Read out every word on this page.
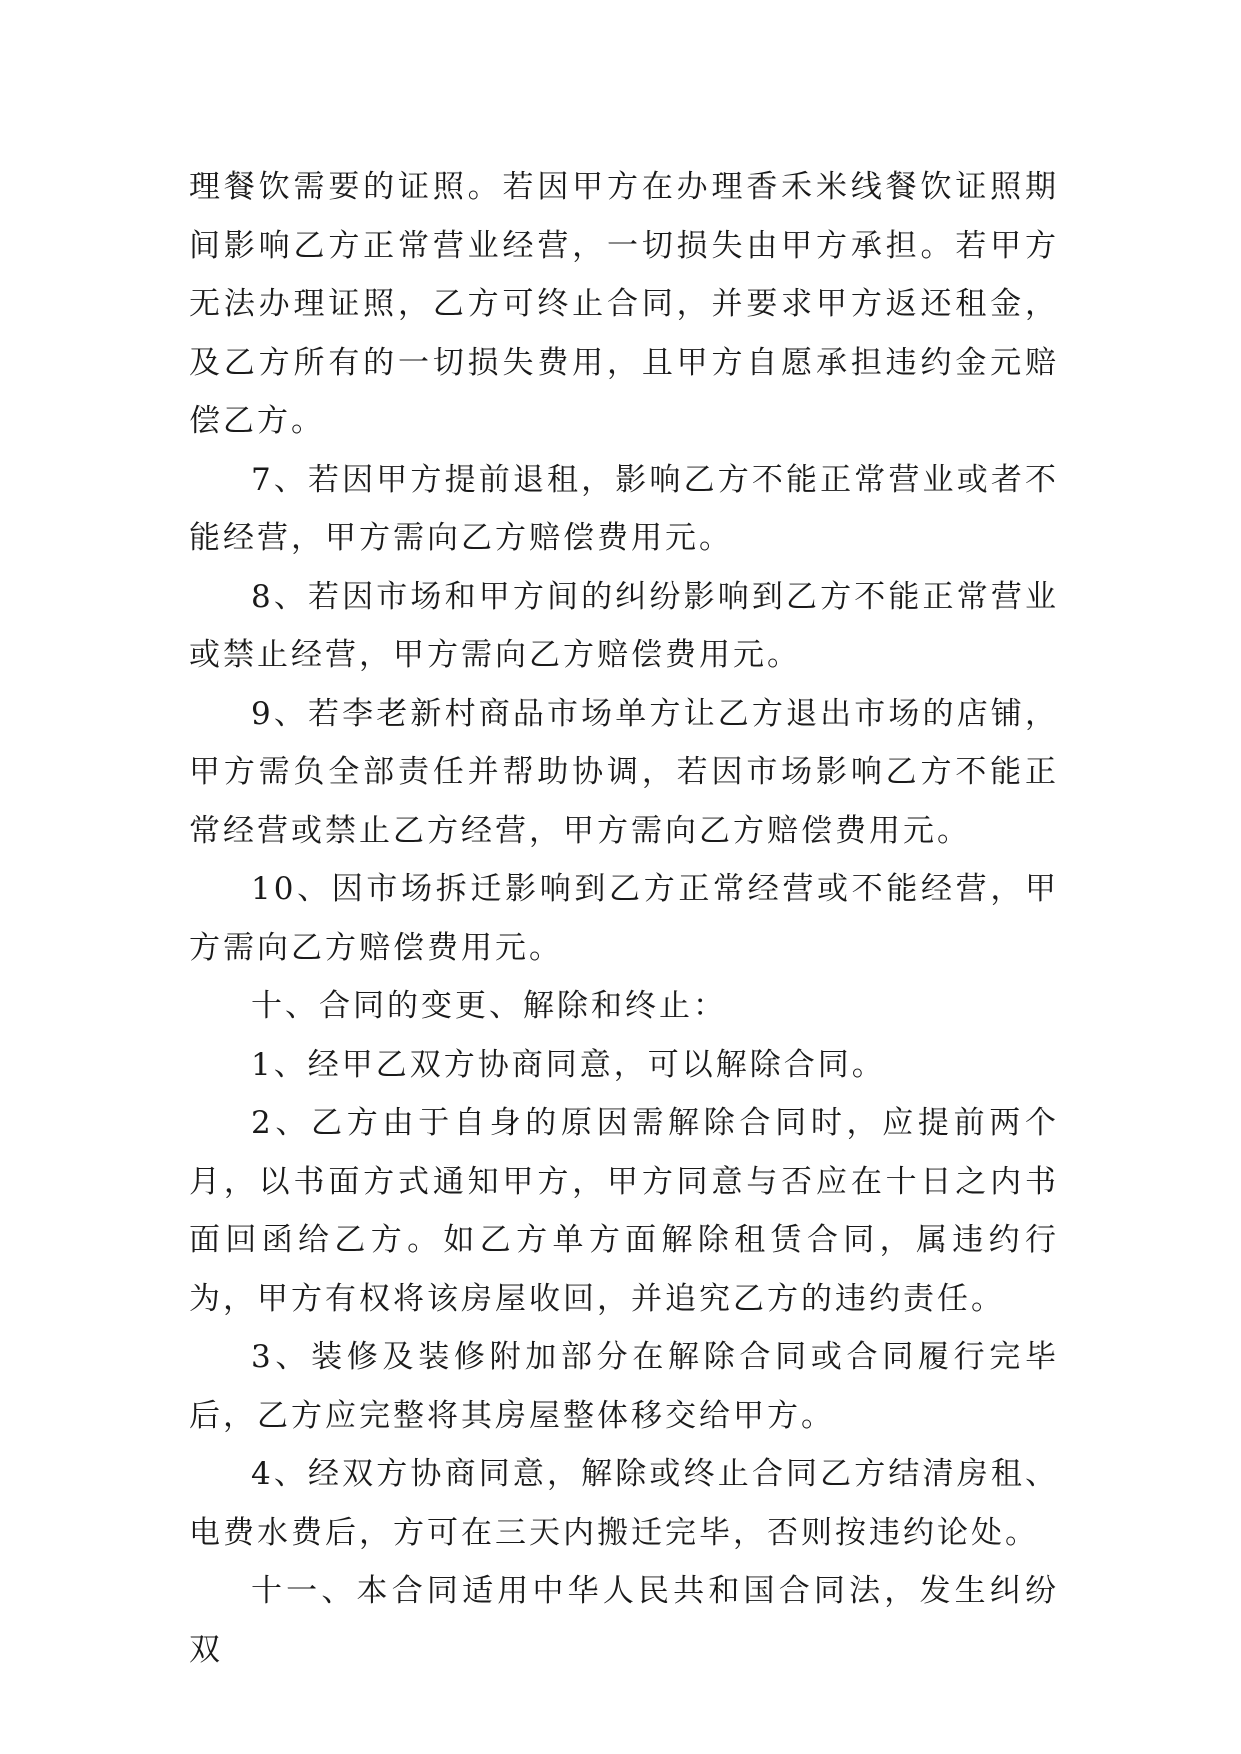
理餐饮需要的证照。若因甲方在办理香禾米线餐饮证照期间影响乙方正常营业经营，一切损失由甲方承担。若甲方无法办理证照，乙方可终止合同，并要求甲方返还租金，及乙方所有的一切损失费用，且甲方自愿承担违约金元赔偿乙方。

7、若因甲方提前退租，影响乙方不能正常营业或者不能经营，甲方需向乙方赔偿费用元。

8、若因市场和甲方间的纠纷影响到乙方不能正常营业或禁止经营，甲方需向乙方赔偿费用元。

9、若李老新村商品市场单方让乙方退出市场的店铺，甲方需负全部责任并帮助协调，若因市场影响乙方不能正常经营或禁止乙方经营，甲方需向乙方赔偿费用元。

10、因市场拆迁影响到乙方正常经营或不能经营，甲方需向乙方赔偿费用元。

十、合同的变更、解除和终止：

1、经甲乙双方协商同意，可以解除合同。

2、乙方由于自身的原因需解除合同时，应提前两个月，以书面方式通知甲方，甲方同意与否应在十日之内书面回函给乙方。如乙方单方面解除租赁合同，属违约行为，甲方有权将该房屋收回，并追究乙方的违约责任。

3、装修及装修附加部分在解除合同或合同履行完毕后，乙方应完整将其房屋整体移交给甲方。

4、经双方协商同意，解除或终止合同乙方结清房租、电费水费后，方可在三天内搬迁完毕，否则按违约论处。

十一、本合同适用中华人民共和国合同法，发生纠纷双
